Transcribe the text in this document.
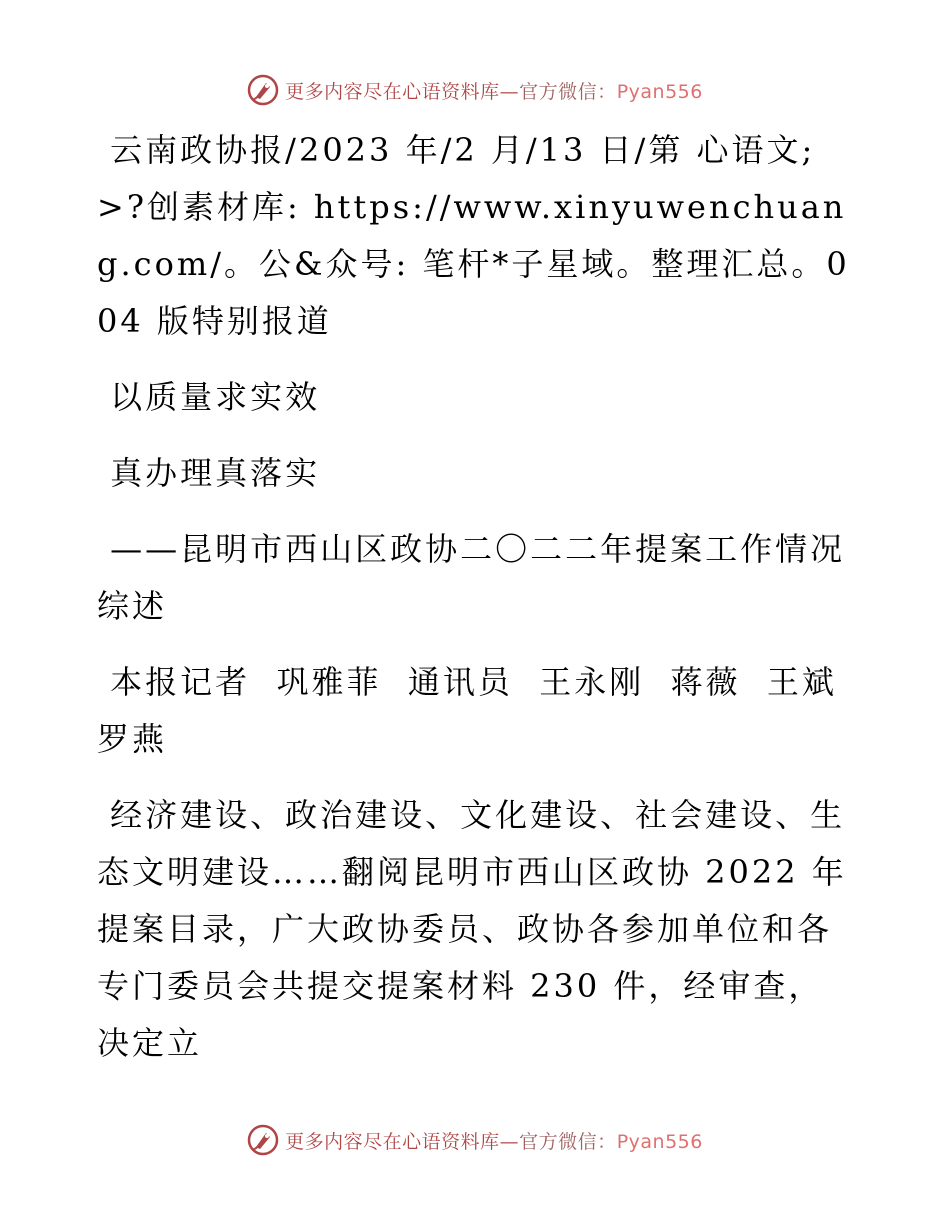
更多内容尽在心语资料库—官方微信：Pyan556

云南政协报/2023 年/2 月/13 日/第 心语文;>?创素材库: https://www.xinyuwenchuang.com/。公&众号: 笔杆*子星域。整理汇总。004 版特别报道

以质量求实效

真办理真落实

——昆明市西山区政协二〇二二年提案工作情况综述

本报记者  巩雅菲  通讯员  王永刚  蒋薇  王斌  罗燕

经济建设、政治建设、文化建设、社会建设、生态文明建设……翻阅昆明市西山区政协 2022 年提案目录，广大政协委员、政协各参加单位和各专门委员会共提交提案材料 230 件，经审查，决定立

更多内容尽在心语资料库—官方微信：Pyan556
